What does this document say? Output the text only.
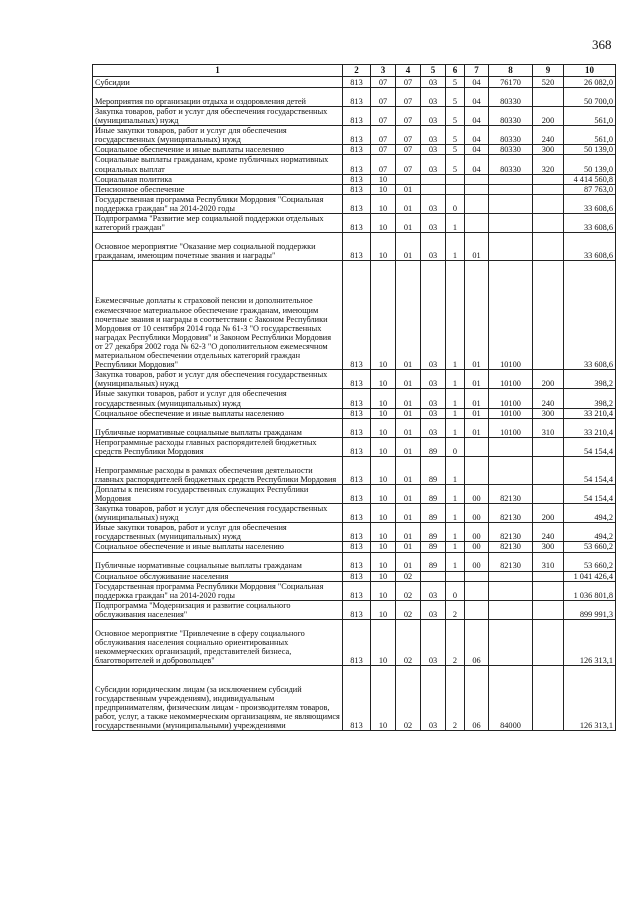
368
1	2	3	4	5	6	7	8	9	10
Субсидии	813	07	07	03	5	04	76170	520	26 082,0
Мероприятия по организации отдыха и оздоровления детей	813	07	07	03	5	04	80330		50 700,0
Закупка товаров, работ и услуг для обеспечения государственных (муниципальных) нужд	813	07	07	03	5	04	80330	200	561,0
Иные закупки товаров, работ и услуг для обеспечения государственных (муниципальных) нужд	813	07	07	03	5	04	80330	240	561,0
Социальное обеспечение и иные выплаты населению	813	07	07	03	5	04	80330	300	50 139,0
Социальные выплаты гражданам, кроме публичных нормативных социальных выплат	813	07	07	03	5	04	80330	320	50 139,0
Социальная политика	813	10							4 414 560,8
Пенсионное обеспечение	813	10	01						87 763,0
Государственная программа Республики Мордовия "Социальная поддержка граждан" на 2014-2020 годы	813	10	01	03	0				33 608,6
Подпрограмма "Развитие мер социальной поддержки отдельных категорий граждан"	813	10	01	03	1				33 608,6
Основное мероприятие "Оказание мер социальной поддержки гражданам, имеющим почетные звания и награды"	813	10	01	03	1	01			33 608,6
Ежемесячные доплаты к страховой пенсии и дополнительное ежемесячное материальное обеспечение гражданам, имеющим почетные звания и награды в соответствии с Законом Республики Мордовия от 10 сентября 2014 года № 61-З "О государственных наградах Республики Мордовия" и Законом Республики Мордовия от 27 декабря 2002 года № 62-З "О дополнительном ежемесячном материальном обеспечении отдельных категорий граждан Республики Мордовия"	813	10	01	03	1	01	10100		33 608,6
Закупка товаров, работ и услуг для обеспечения государственных (муниципальных) нужд	813	10	01	03	1	01	10100	200	398,2
Иные закупки товаров, работ и услуг для обеспечения государственных (муниципальных) нужд	813	10	01	03	1	01	10100	240	398,2
Социальное обеспечение и иные выплаты населению	813	10	01	03	1	01	10100	300	33 210,4
Публичные нормативные социальные выплаты гражданам	813	10	01	03	1	01	10100	310	33 210,4
Непрограммные расходы главных распорядителей бюджетных средств Республики Мордовия	813	10	01	89	0				54 154,4
Непрограммные расходы в рамках обеспечения деятельности главных распорядителей бюджетных средств Республики Мордовия	813	10	01	89	1				54 154,4
Доплаты к пенсиям государственных служащих Республики Мордовия	813	10	01	89	1	00	82130		54 154,4
Закупка товаров, работ и услуг для обеспечения государственных (муниципальных) нужд	813	10	01	89	1	00	82130	200	494,2
Иные закупки товаров, работ и услуг для обеспечения государственных (муниципальных) нужд	813	10	01	89	1	00	82130	240	494,2
Социальное обеспечение и иные выплаты населению	813	10	01	89	1	00	82130	300	53 660,2
Публичные нормативные социальные выплаты гражданам	813	10	01	89	1	00	82130	310	53 660,2
Социальное обслуживание населения	813	10	02						1 041 426,4
Государственная программа Республики Мордовия "Социальная поддержка граждан" на 2014-2020 годы	813	10	02	03	0				1 036 801,8
Подпрограмма "Модернизация и развитие социального обслуживания населения"	813	10	02	03	2				899 991,3
Основное мероприятие "Привлечение в сферу социального обслуживания населения социально ориентированных некоммерческих организаций, представителей бизнеса, благотворителей и добровольцев"	813	10	02	03	2	06			126 313,1
Субсидии юридическим лицам (за исключением субсидий государственным учреждениям), индивидуальным предпринимателям, физическим лицам - производителям товаров, работ, услуг, а также некоммерческим организациям, не являющимся государственными (муниципальными) учреждениями	813	10	02	03	2	06	84000		126 313,1
